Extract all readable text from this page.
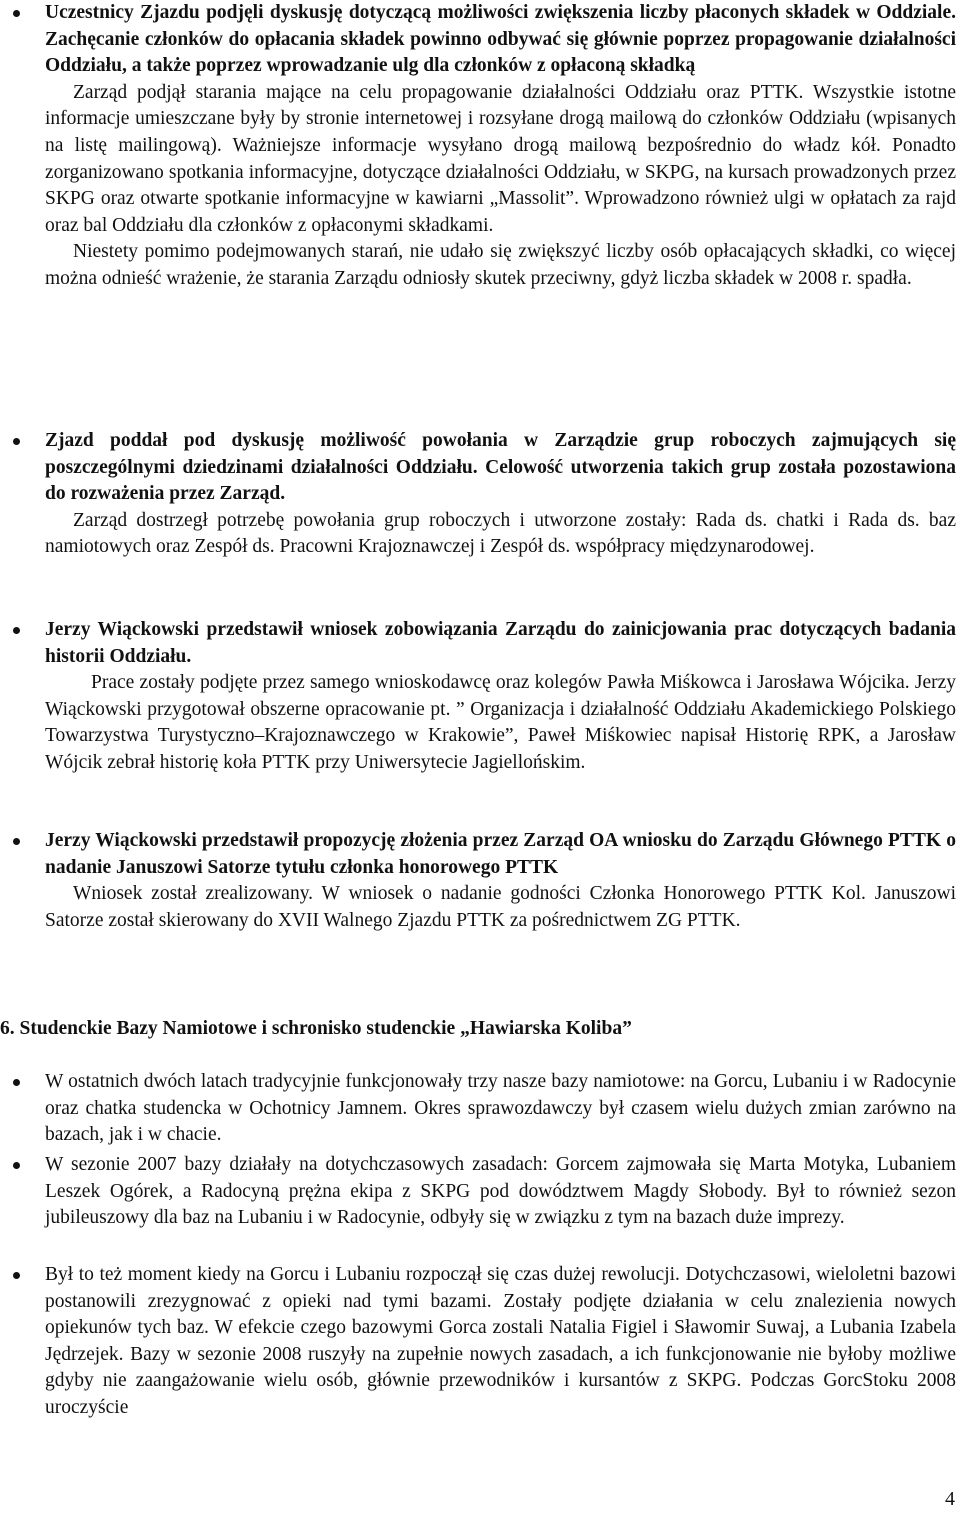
Uczestnicy Zjazdu podjęli dyskusję dotyczącą możliwości zwiększenia liczby płaconych składek w Oddziale. Zachęcanie członków do opłacania składek powinno odbywać się głównie poprzez propagowanie działalności Oddziału, a także poprzez wprowadzanie ulg dla członków z opłaconą składką

Zarząd podjął starania mające na celu propagowanie działalności Oddziału oraz PTTK. Wszystkie istotne informacje umieszczane były by stronie internetowej i rozsyłane drogą mailową do członków Oddziału (wpisanych na listę mailingową). Ważniejsze informacje wysyłano drogą mailową bezpośrednio do władz kół. Ponadto zorganizowano spotkania informacyjne, dotyczące działalności Oddziału, w SKPG, na kursach prowadzonych przez SKPG oraz otwarte spotkanie informacyjne w kawiarni „Massolit”. Wprowadzono również ulgi w opłatach za rajd oraz bal Oddziału dla członków z opłaconymi składkami.

Niestety pomimo podejmowanych starań, nie udało się zwiększyć liczby osób opłacających składki, co więcej można odnieść wrażenie, że starania Zarządu odniosły skutek przeciwny, gdyż liczba składek w 2008 r. spadła.

Zjazd poddał pod dyskusję możliwość powołania w Zarządzie grup roboczych zajmujących się poszczególnymi dziedzinami działalności Oddziału. Celowość utworzenia takich grup została pozostawiona do rozważenia przez Zarząd.

Zarząd dostrzegł potrzebę powołania grup roboczych i utworzone zostały: Rada ds. chatki i Rada ds. baz namiotowych oraz Zespół ds. Pracowni Krajoznawczej i Zespół ds. współpracy międzynarodowej.

Jerzy Wiąckowski przedstawił wniosek zobowiązania Zarządu do zainicjowania prac dotyczących badania historii Oddziału.

Prace zostały podjęte przez samego wnioskodawcę oraz kolegów Pawła Miśkowca i Jarosława Wójcika. Jerzy Wiąckowski przygotował obszerne opracowanie pt. ” Organizacja i działalność Oddziału Akademickiego Polskiego Towarzystwa Turystyczno–Krajoznawczego w Krakowie”, Paweł Miśkowiec napisał Historię RPK, a Jarosław Wójcik zebrał historię koła PTTK przy Uniwersytecie Jagiellońskim.

Jerzy Wiąckowski przedstawił propozycję złożenia przez Zarząd OA wniosku do Zarządu Głównego PTTK o nadanie Januszowi Satorze tytułu członka honorowego PTTK

Wniosek został zrealizowany. W wniosek o nadanie godności Członka Honorowego PTTK Kol. Januszowi Satorze został skierowany do XVII Walnego Zjazdu PTTK za pośrednictwem ZG PTTK.

6. Studenckie Bazy Namiotowe i schronisko studenckie „Hawiarska Koliba”

W ostatnich dwóch latach tradycyjnie funkcjonowały trzy nasze bazy namiotowe: na Gorcu, Lubaniu i w Radocynie oraz chatka studencka w Ochotnicy Jamnem. Okres sprawozdawczy był czasem wielu dużych zmian zarówno na bazach, jak i w chacie.

W sezonie 2007 bazy działały na dotychczasowych zasadach: Gorcem zajmowała się Marta Motyka, Lubaniem Leszek Ogórek, a Radocyną prężna ekipa z SKPG pod dowództwem Magdy Słobody. Był to również sezon jubileuszowy dla baz na Lubaniu i w Radocynie, odbyły się w związku z tym na bazach duże imprezy.

Był to też moment kiedy na Gorcu i Lubaniu rozpoczął się czas dużej rewolucji. Dotychczasowi, wieloletni bazowi postanowili zrezygnować z opieki nad tymi bazami. Zostały podjęte działania w celu znalezienia nowych opiekunów tych baz. W efekcie czego bazowymi Gorca zostali Natalia Figiel i Sławomir Suwaj, a Lubania Izabela Jędrzejek. Bazy w sezonie 2008 ruszyły na zupełnie nowych zasadach, a ich funkcjonowanie nie byłoby możliwe gdyby nie zaangażowanie wielu osób, głównie przewodników i kursantów z SKPG. Podczas GorcStoku 2008 uroczyście

4
